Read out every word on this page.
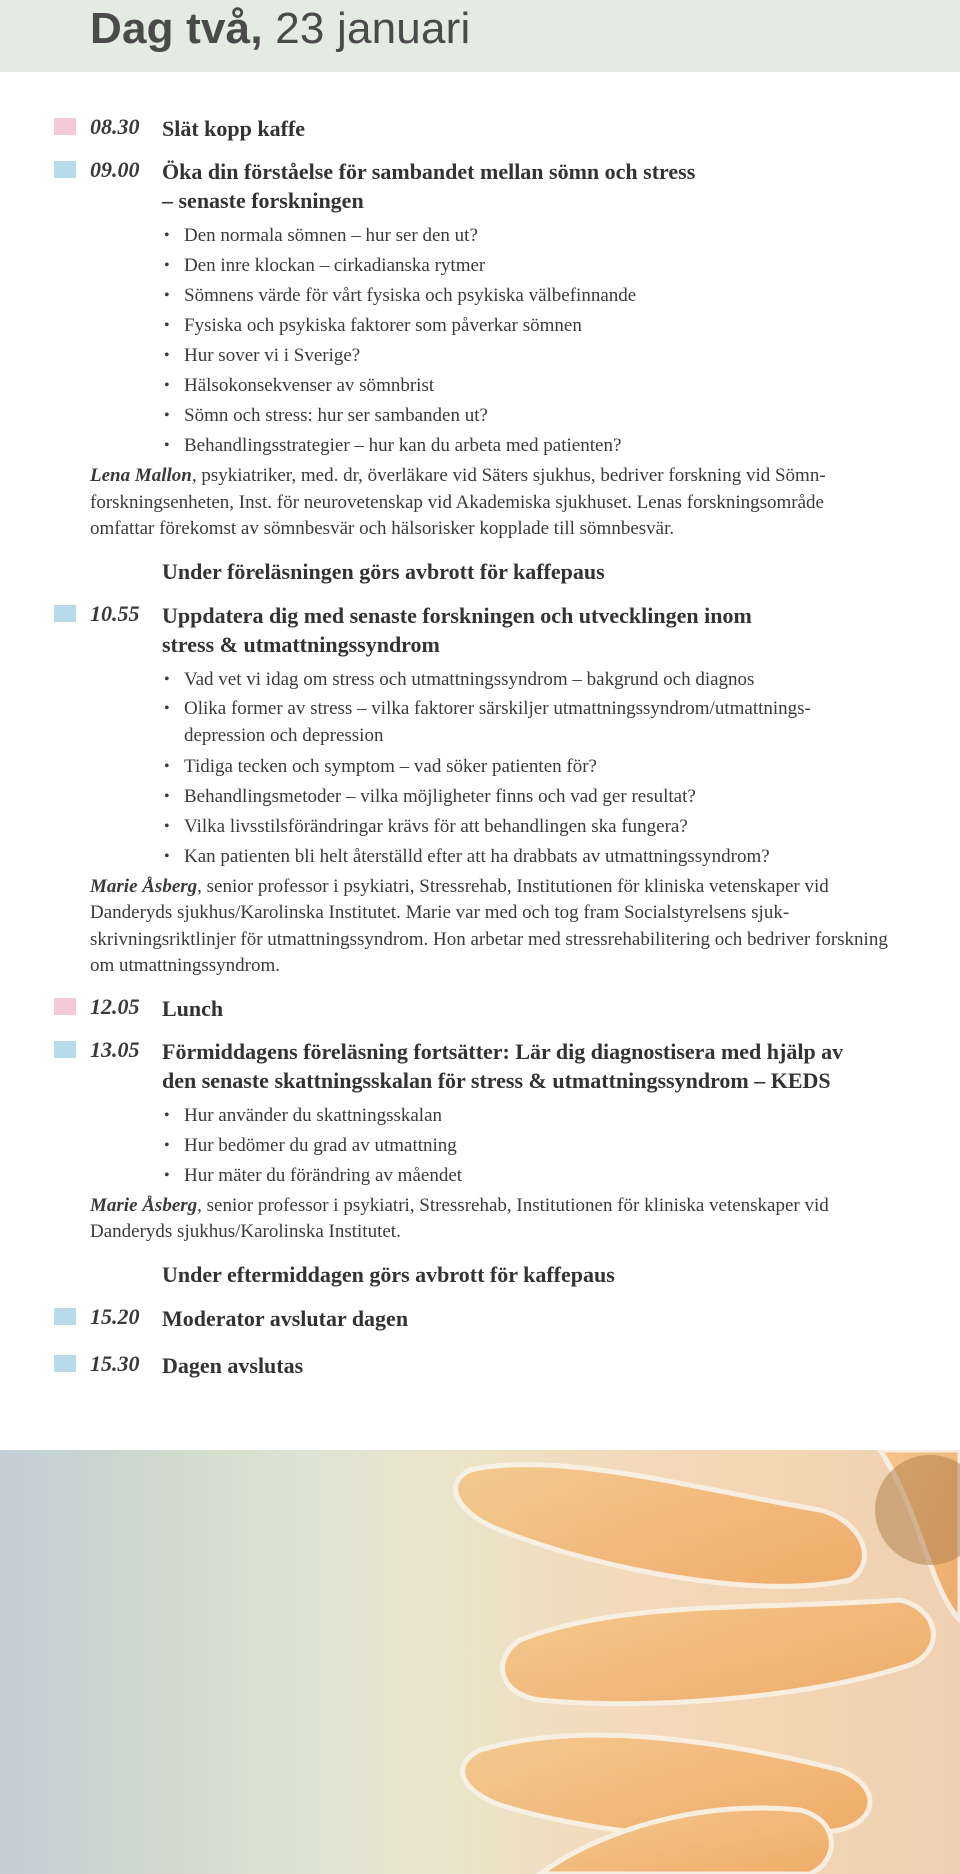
Dag två, 23 januari
08.30 Slät kopp kaffe
09.00 Öka din förståelse för sambandet mellan sömn och stress
– senaste forskningen
• Den normala sömnen – hur ser den ut?
• Den inre klockan – cirkadianska rytmer
• Sömnens värde för vårt fysiska och psykiska välbefinnande
• Fysiska och psykiska faktorer som påverkar sömnen
• Hur sover vi i Sverige?
• Hälsokonsekvenser av sömnbrist
• Sömn och stress: hur ser sambanden ut?
• Behandlingsstrategier – hur kan du arbeta med patienten?
Lena Mallon, psykiatriker, med. dr, överläkare vid Säters sjukhus, bedriver forskning vid Sömn-forskningsenheten, Inst. för neurovetenskap vid Akademiska sjukhuset. Lenas forskningsområde omfattar förekomst av sömnbesvär och hälsorisker kopplade till sömnbesvär.
Under föreläsningen görs avbrott för kaffepaus
10.55 Uppdatera dig med senaste forskningen och utvecklingen inom
stress & utmattningssyndrom
• Vad vet vi idag om stress och utmattningssyndrom – bakgrund och diagnos
• Olika former av stress – vilka faktorer särskiljer utmattningssyndrom/utmattnings-depression och depression
• Tidiga tecken och symptom – vad söker patienten för?
• Behandlingsmetoder – vilka möjligheter finns och vad ger resultat?
• Vilka livsstilsförändringar krävs för att behandlingen ska fungera?
• Kan patienten bli helt återställd efter att ha drabbats av utmattningssyndrom?
Marie Åsberg, senior professor i psykiatri, Stressrehab, Institutionen för kliniska vetenskaper vid Danderyds sjukhus/Karolinska Institutet. Marie var med och tog fram Socialstyrelsens sjuk-skrivningsriktlinjer för utmattningssyndrom. Hon arbetar med stressrehabilitering och bedriver forskning om utmattningssyndrom.
12.05 Lunch
13.05 Förmiddagens föreläsning fortsätter: Lär dig diagnostisera med hjälp av
den senaste skattningsskalan för stress & utmattningssyndrom – KEDS
• Hur använder du skattningsskalan
• Hur bedömer du grad av utmattning
• Hur mäter du förändring av måendet
Marie Åsberg, senior professor i psykiatri, Stressrehab, Institutionen för kliniska vetenskaper vid Danderyds sjukhus/Karolinska Institutet.
Under eftermiddagen görs avbrott för kaffepaus
15.20 Moderator avslutar dagen
15.30 Dagen avslutas
